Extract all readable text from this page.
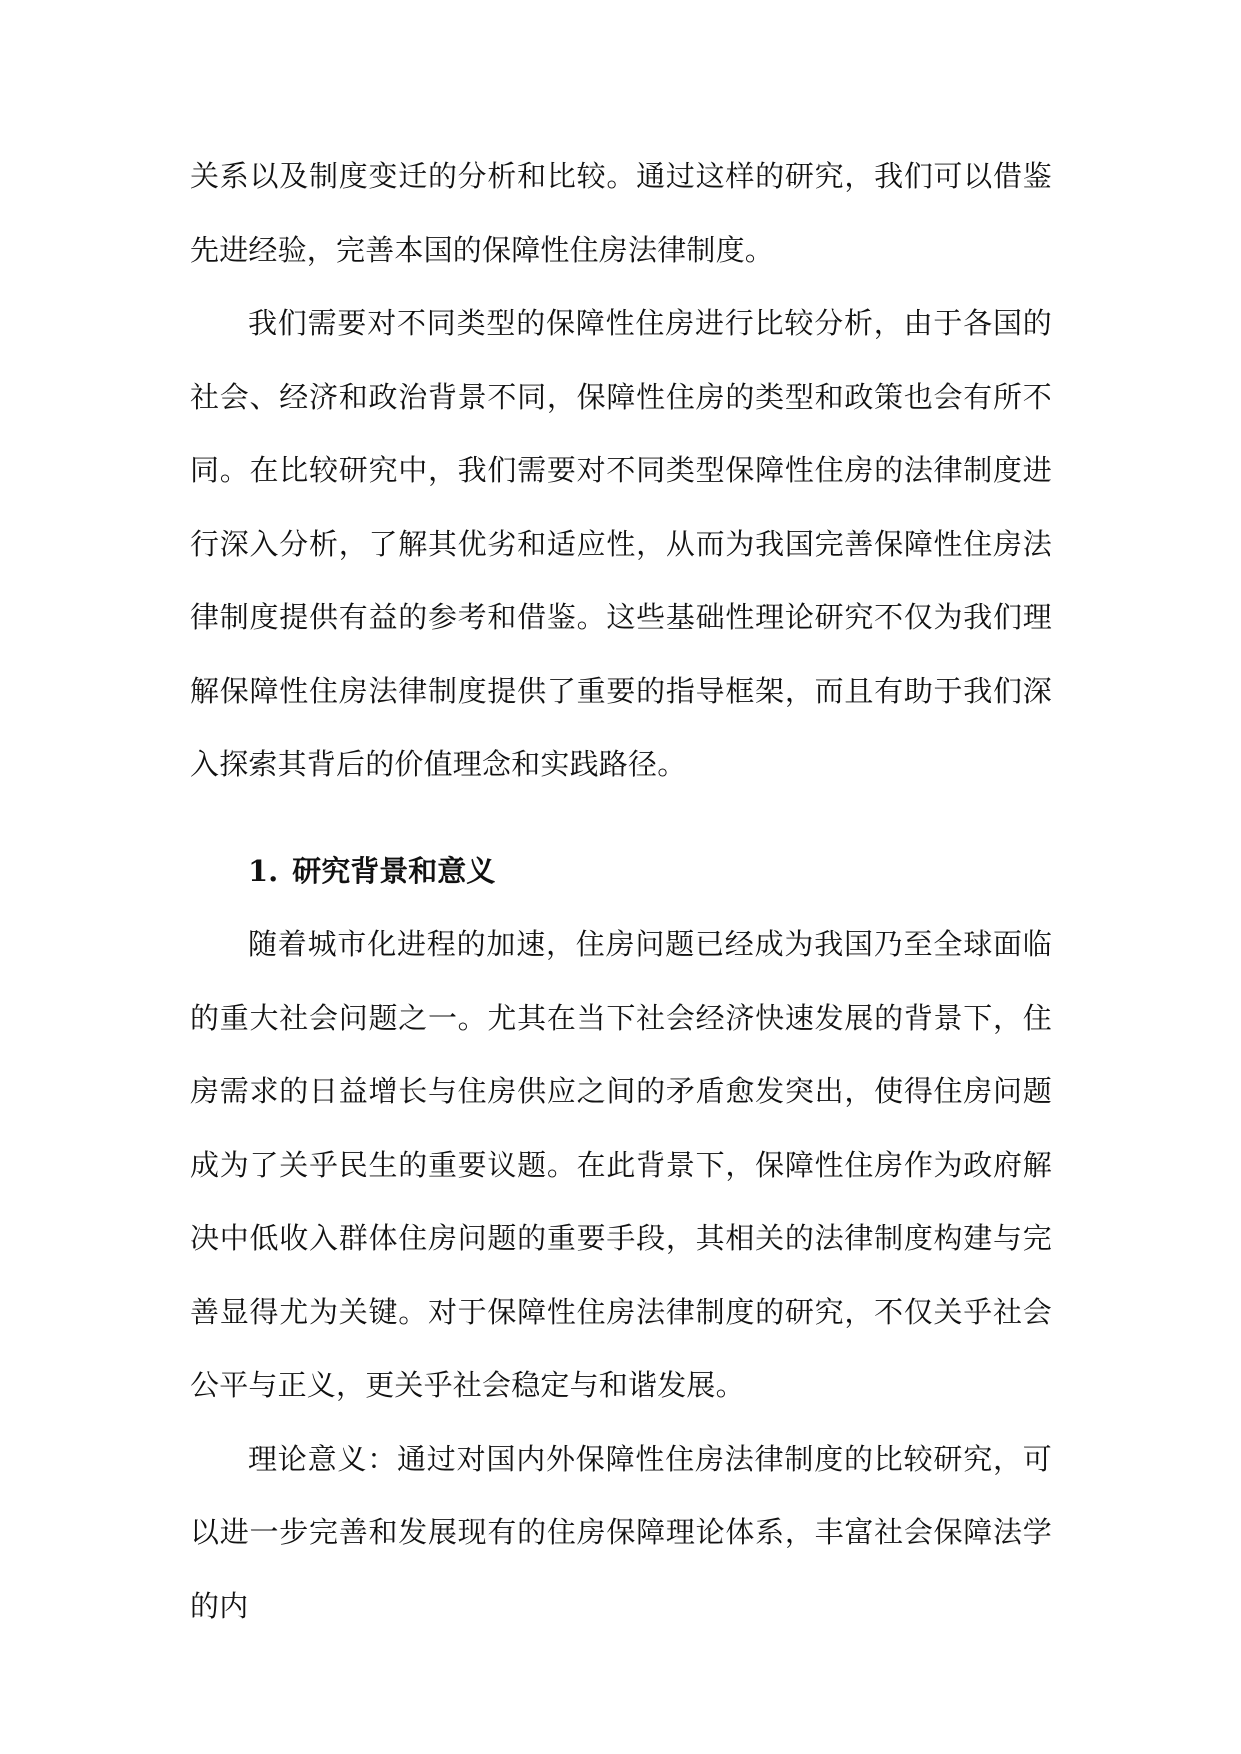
关系以及制度变迁的分析和比较。通过这样的研究，我们可以借鉴先进经验，完善本国的保障性住房法律制度。

我们需要对不同类型的保障性住房进行比较分析，由于各国的社会、经济和政治背景不同，保障性住房的类型和政策也会有所不同。在比较研究中，我们需要对不同类型保障性住房的法律制度进行深入分析，了解其优劣和适应性，从而为我国完善保障性住房法律制度提供有益的参考和借鉴。这些基础性理论研究不仅为我们理解保障性住房法律制度提供了重要的指导框架，而且有助于我们深入探索其背后的价值理念和实践路径。

1. 研究背景和意义

随着城市化进程的加速，住房问题已经成为我国乃至全球面临的重大社会问题之一。尤其在当下社会经济快速发展的背景下，住房需求的日益增长与住房供应之间的矛盾愈发突出，使得住房问题成为了关乎民生的重要议题。在此背景下，保障性住房作为政府解决中低收入群体住房问题的重要手段，其相关的法律制度构建与完善显得尤为关键。对于保障性住房法律制度的研究，不仅关乎社会公平与正义，更关乎社会稳定与和谐发展。

理论意义：通过对国内外保障性住房法律制度的比较研究，可以进一步完善和发展现有的住房保障理论体系，丰富社会保障法学的内
